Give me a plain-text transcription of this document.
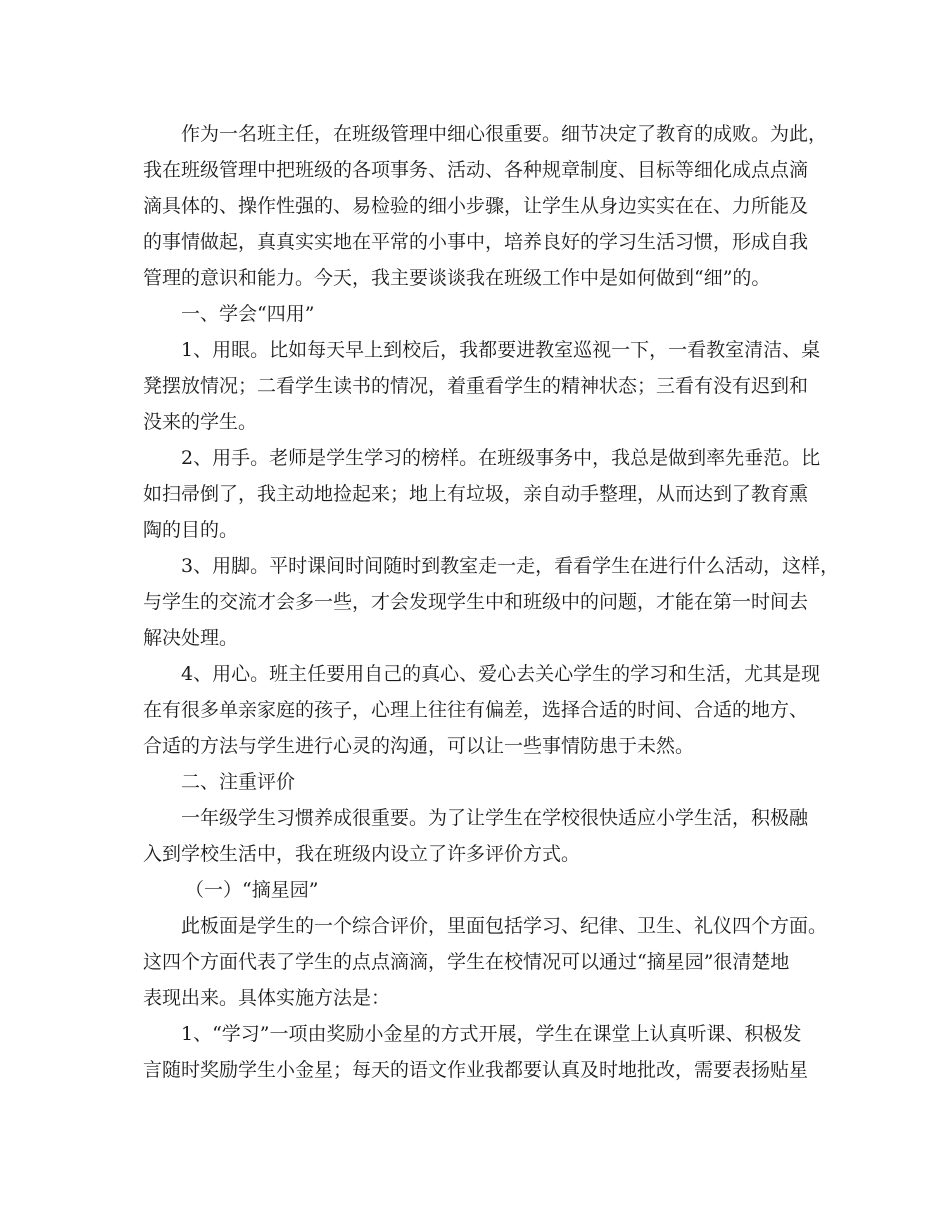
作为一名班主任，在班级管理中细心很重要。细节决定了教育的成败。为此，
我在班级管理中把班级的各项事务、活动、各种规章制度、目标等细化成点点滴
滴具体的、操作性强的、易检验的细小步骤，让学生从身边实实在在、力所能及
的事情做起，真真实实地在平常的小事中，培养良好的学习生活习惯，形成自我
管理的意识和能力。今天，我主要谈谈我在班级工作中是如何做到“细”的。
一、学会“四用”
1、用眼。比如每天早上到校后，我都要进教室巡视一下，一看教室清洁、桌
凳摆放情况；二看学生读书的情况，着重看学生的精神状态；三看有没有迟到和
没来的学生。
2、用手。老师是学生学习的榜样。在班级事务中，我总是做到率先垂范。比
如扫帚倒了，我主动地捡起来；地上有垃圾，亲自动手整理，从而达到了教育熏
陶的目的。
3、用脚。平时课间时间随时到教室走一走，看看学生在进行什么活动，这样，
与学生的交流才会多一些，才会发现学生中和班级中的问题，才能在第一时间去
解决处理。
4、用心。班主任要用自己的真心、爱心去关心学生的学习和生活，尤其是现
在有很多单亲家庭的孩子，心理上往往有偏差，选择合适的时间、合适的地方、
合适的方法与学生进行心灵的沟通，可以让一些事情防患于未然。
二、注重评价
一年级学生习惯养成很重要。为了让学生在学校很快适应小学生活，积极融
入到学校生活中，我在班级内设立了许多评价方式。
（一）“摘星园”
此板面是学生的一个综合评价，里面包括学习、纪律、卫生、礼仪四个方面。
这四个方面代表了学生的点点滴滴，学生在校情况可以通过“摘星园”很清楚地
表现出来。具体实施方法是：
1、“学习”一项由奖励小金星的方式开展，学生在课堂上认真听课、积极发
言随时奖励学生小金星；每天的语文作业我都要认真及时地批改，需要表扬贴星
